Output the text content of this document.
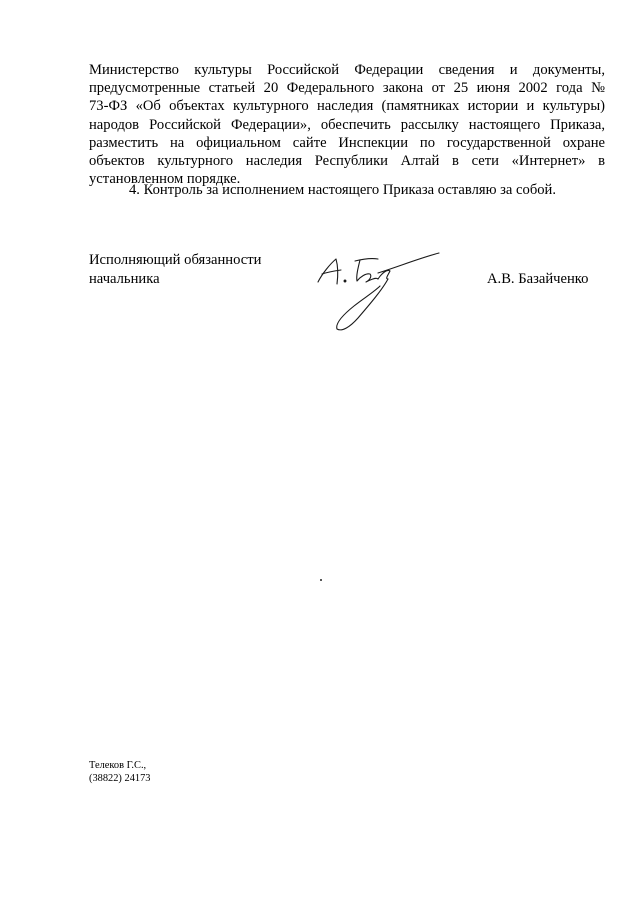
Министерство культуры Российской Федерации сведения и документы,
предусмотренные статьей 20 Федерального закона от 25 июня 2002 года №
73-ФЗ «Об объектах культурного наследия (памятниках истории и культуры)
народов Российской Федерации», обеспечить рассылку настоящего Приказа,
разместить на официальном сайте Инспекции по государственной охране
объектов культурного наследия Республики Алтай в сети «Интернет» в
установленном порядке.
4. Контроль за исполнением настоящего Приказа оставляю за собой.
Исполняющий обязанности
начальника	А.В. Базайченко
Телеков Г.С.,
(38822) 24173
